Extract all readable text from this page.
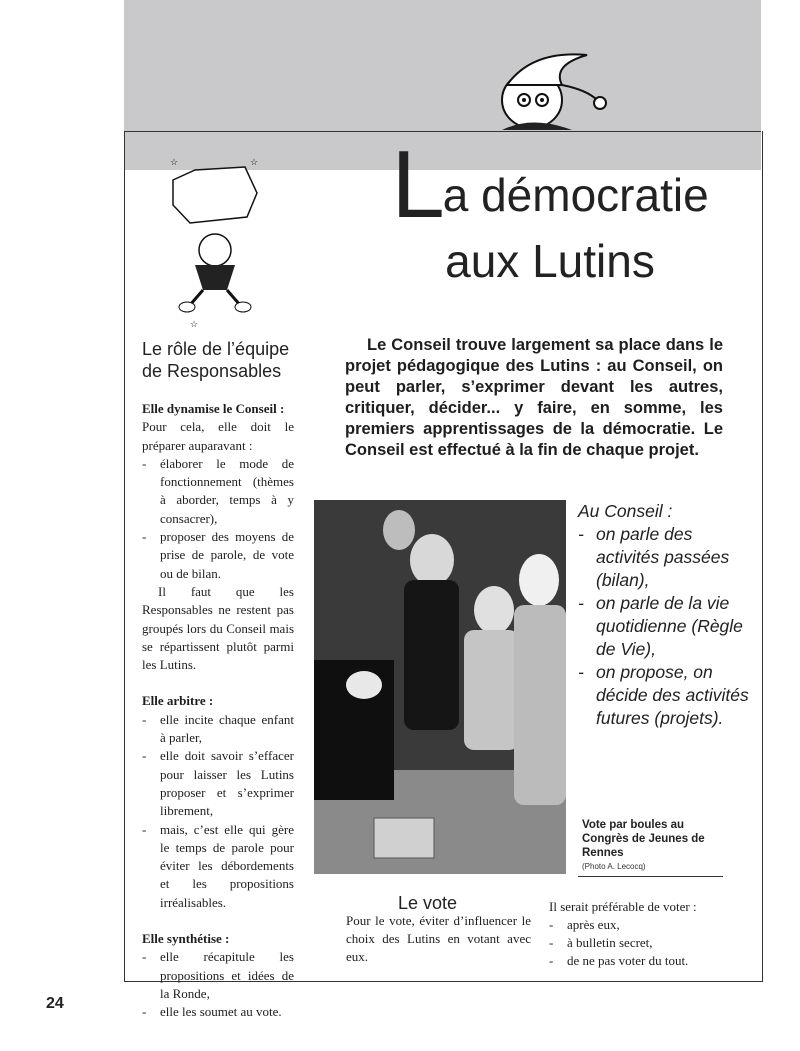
La démocratie
aux Lutins
☆	☆
☆
Le rôle de l’équipe de Responsables

Elle dynamise le Conseil :

Pour cela, elle doit le préparer auparavant :

-	élaborer le mode de fonctionnement (thèmes à aborder, temps à y consacrer),
-	proposer des moyens de prise de parole, de vote ou de bilan.

Il faut que les Responsables ne restent pas groupés lors du Conseil mais se répartissent plutôt parmi les Lutins.

Elle arbitre :

-	elle incite chaque enfant à parler,
-	elle doit savoir s’effacer pour laisser les Lutins proposer et s’exprimer librement,
-	mais, c’est elle qui gère le temps de parole pour éviter les débordements et les propositions irréalisables.

Elle synthétise :

-	elle récapitule les propositions et idées de la Ronde,
-	elle les soumet au vote.
Le Conseil trouve largement sa place dans le projet pédagogique des Lutins : au Conseil, on peut parler, s’exprimer devant les autres, critiquer, décider... y faire, en somme, les premiers apprentissages de la démocratie. Le Conseil est effectué à la fin de chaque projet.

Au Conseil :

- on parle des activités passées (bilan),
- on parle de la vie quotidienne (Règle de Vie),
- on propose, on décide des activités futures (projets).
Vote par boules au Congrès de Jeunes de Rennes
(Photo A. Lecocq)
Le vote
Pour le vote, éviter d’influencer le choix des Lutins en votant avec eux.

Il serait préférable de voter :

-	après eux,
-	à bulletin secret,
-	de ne pas voter du tout.
24
